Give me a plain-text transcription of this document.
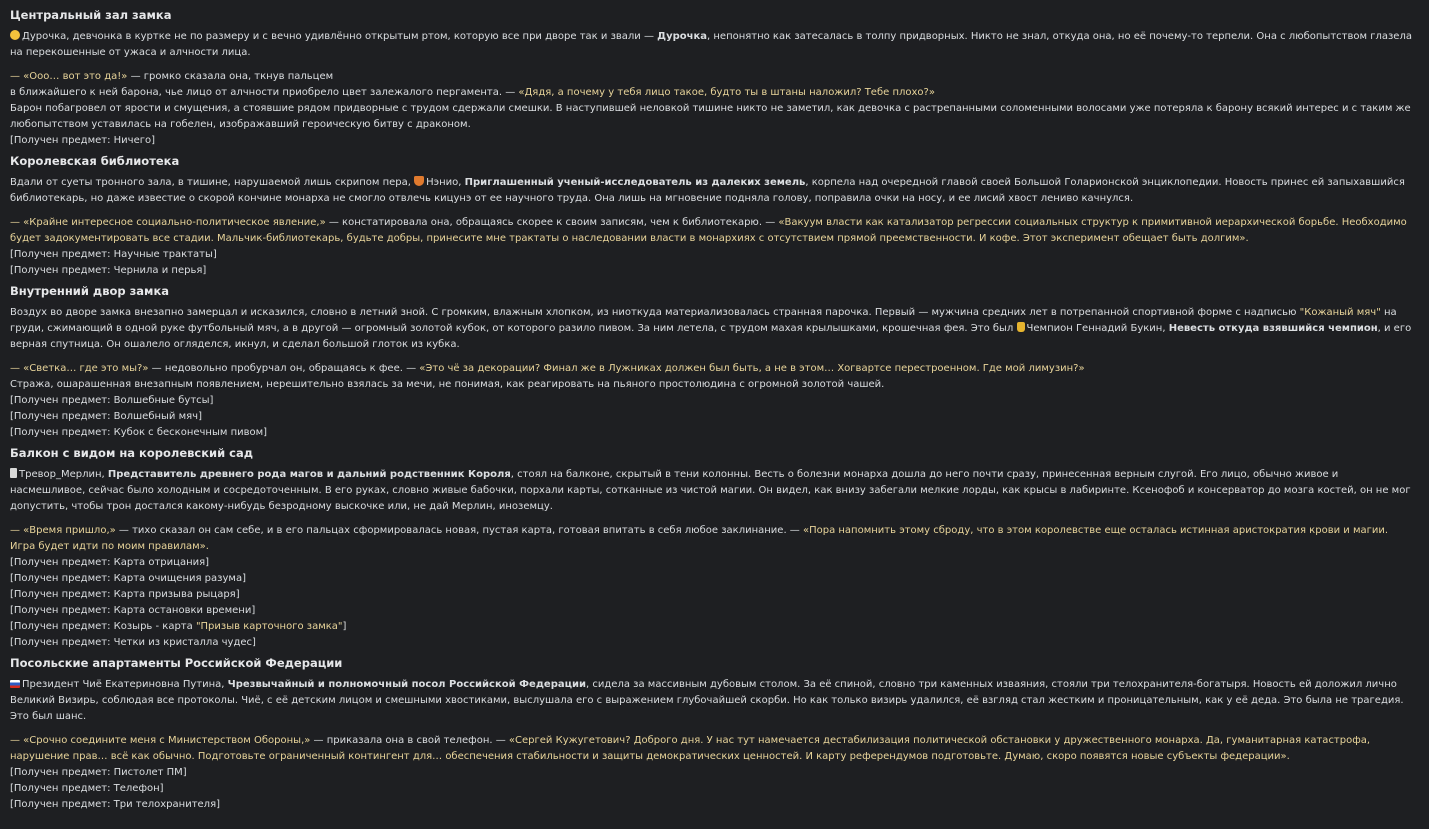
Центральный зал замка

Дурочка, девчонка в куртке не по размеру и с вечно удивлённо открытым ртом, которую все при дворе так и звали — Дурочка, непонятно как затесалась в толпу придворных. Никто не знал, откуда она, но её почему-то терпели. Она с любопытством глазела на перекошенные от ужаса и алчности лица.

— «Ооо… вот это да!» — громко сказала она, ткнув пальцем

в ближайшего к ней барона, чье лицо от алчности приобрело цвет залежалого пергамента. — «Дядя, а почему у тебя лицо такое, будто ты в штаны наложил? Тебе плохо?»

Барон побагровел от ярости и смущения, а стоявшие рядом придворные с трудом сдержали смешки. В наступившей неловкой тишине никто не заметил, как девочка с растрепанными соломенными волосами уже потеряла к барону всякий интерес и с таким же любопытством уставилась на гобелен, изображавший героическую битву с драконом.

[Получен предмет: Ничего]

Королевская библиотека

Вдали от суеты тронного зала, в тишине, нарушаемой лишь скрипом пера, Нэнио, Приглашенный ученый-исследователь из далеких земель, корпела над очередной главой своей Большой Голарионской энциклопедии. Новость принес ей запыхавшийся библиотекарь, но даже известие о скорой кончине монарха не смогло отвлечь кицунэ от ее научного труда. Она лишь на мгновение подняла голову, поправила очки на носу, и ее лисий хвост лениво качнулся.

— «Крайне интересное социально-политическое явление,» — констатировала она, обращаясь скорее к своим записям, чем к библиотекарю. — «Вакуум власти как катализатор регрессии социальных структур к примитивной иерархической борьбе. Необходимо будет задокументировать все стадии. Мальчик-библиотекарь, будьте добры, принесите мне трактаты о наследовании власти в монархиях с отсутствием прямой преемственности. И кофе. Этот эксперимент обещает быть долгим».

[Получен предмет: Научные трактаты]

[Получен предмет: Чернила и перья]

Внутренний двор замка

Воздух во дворе замка внезапно замерцал и исказился, словно в летний зной. С громким, влажным хлопком, из ниоткуда материализовалась странная парочка. Первый — мужчина средних лет в потрепанной спортивной форме с надписью "Кожаный мяч" на груди, сжимающий в одной руке футбольный мяч, а в другой — огромный золотой кубок, от которого разило пивом. За ним летела, с трудом махая крылышками, крошечная фея. Это был Чемпион Геннадий Букин, Невесть откуда взявшийся чемпион, и его верная спутница. Он ошалело огляделся, икнул, и сделал большой глоток из кубка.

— «Светка… где это мы?» — недовольно пробурчал он, обращаясь к фее. — «Это чё за декорации? Финал же в Лужниках должен был быть, а не в этом… Хогвартсе перестроенном. Где мой лимузин?»

Стража, ошарашенная внезапным появлением, нерешительно взялась за мечи, не понимая, как реагировать на пьяного простолюдина с огромной золотой чашей.

[Получен предмет: Волшебные бутсы]

[Получен предмет: Волшебный мяч]

[Получен предмет: Кубок с бесконечным пивом]

Балкон с видом на королевский сад

Тревор_Мерлин, Представитель древнего рода магов и дальний родственник Короля, стоял на балконе, скрытый в тени колонны. Весть о болезни монарха дошла до него почти сразу, принесенная верным слугой. Его лицо, обычно живое и насмешливое, сейчас было холодным и сосредоточенным. В его руках, словно живые бабочки, порхали карты, сотканные из чистой магии. Он видел, как внизу забегали мелкие лорды, как крысы в лабиринте. Ксенофоб и консерватор до мозга костей, он не мог допустить, чтобы трон достался какому-нибудь безродному выскочке или, не дай Мерлин, иноземцу.

— «Время пришло,» — тихо сказал он сам себе, и в его пальцах сформировалась новая, пустая карта, готовая впитать в себя любое заклинание. — «Пора напомнить этому сброду, что в этом королевстве еще осталась истинная аристократия крови и магии. Игра будет идти по моим правилам».

[Получен предмет: Карта отрицания]

[Получен предмет: Карта очищения разума]

[Получен предмет: Карта призыва рыцаря]

[Получен предмет: Карта остановки времени]

[Получен предмет: Козырь - карта "Призыв карточного замка"]

[Получен предмет: Четки из кристалла чудес]

Посольские апартаменты Российской Федерации

Президент Чиё Екатериновна Путина, Чрезвычайный и полномочный посол Российской Федерации, сидела за массивным дубовым столом. За её спиной, словно три каменных изваяния, стояли три телохранителя-богатыря. Новость ей доложил лично Великий Визирь, соблюдая все протоколы. Чиё, с её детским лицом и смешными хвостиками, выслушала его с выражением глубочайшей скорби. Но как только визирь удалился, её взгляд стал жестким и проницательным, как у её деда. Это была не трагедия. Это был шанс.

— «Срочно соедините меня с Министерством Обороны,» — приказала она в свой телефон. — «Сергей Кужугетович? Доброго дня. У нас тут намечается дестабилизация политической обстановки у дружественного монарха. Да, гуманитарная катастрофа, нарушение прав… всё как обычно. Подготовьте ограниченный контингент для… обеспечения стабильности и защиты демократических ценностей. И карту референдумов подготовьте. Думаю, скоро появятся новые субъекты федерации».

[Получен предмет: Пистолет ПМ]

[Получен предмет: Телефон]

[Получен предмет: Три телохранителя]
